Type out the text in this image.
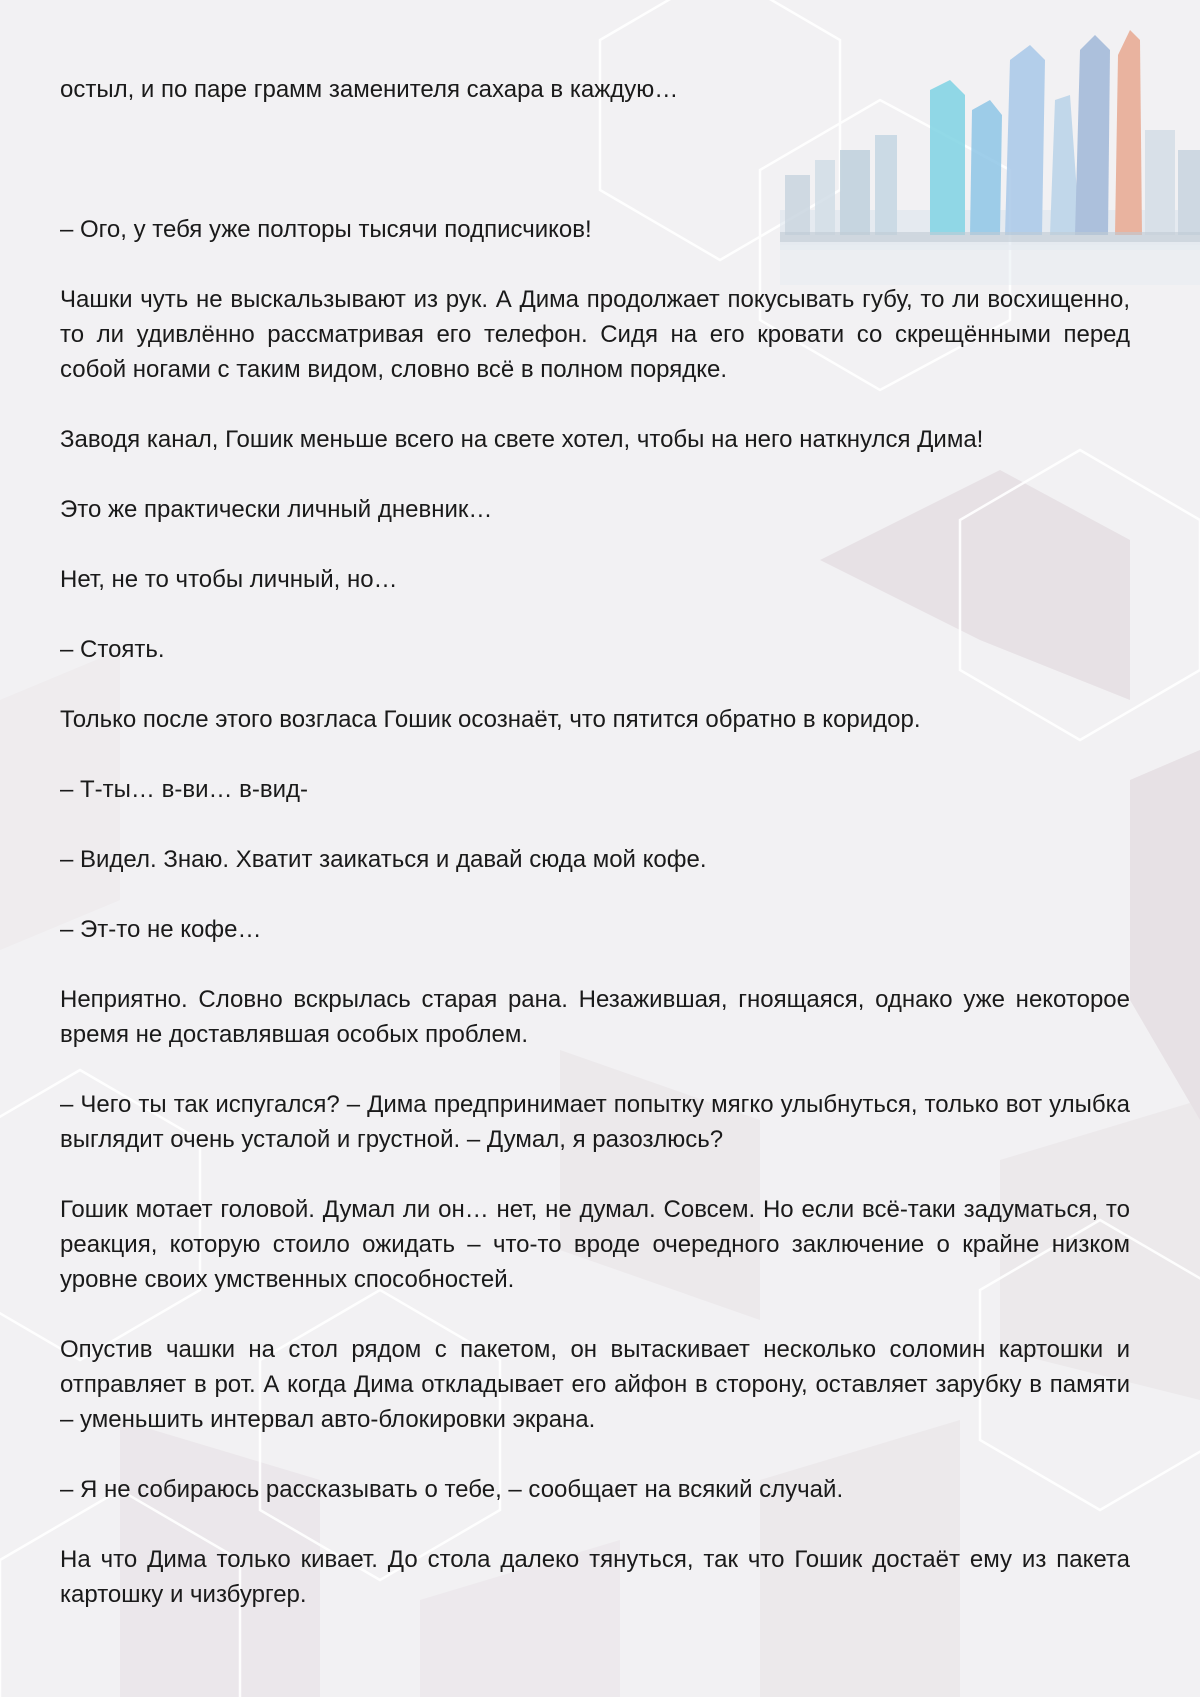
остыл, и по паре грамм заменителя сахара в каждую…

– Ого, у тебя уже полторы тысячи подписчиков!

Чашки чуть не выскальзывают из рук. А Дима продолжает покусывать губу, то ли восхищенно, то ли удивлённо рассматривая его телефон. Сидя на его кровати со скрещёнными перед собой ногами с таким видом, словно всё в полном порядке.

Заводя канал, Гошик меньше всего на свете хотел, чтобы на него наткнулся Дима!

Это же практически личный дневник…

Нет, не то чтобы личный, но…

– Стоять.

Только после этого возгласа Гошик осознаёт, что пятится обратно в коридор.

– Т-ты… в-ви… в-вид-

– Видел. Знаю. Хватит заикаться и давай сюда мой кофе.

– Эт-то не кофе…

Неприятно. Словно вскрылась старая рана. Незажившая, гноящаяся, однако уже некоторое время не доставлявшая особых проблем.

– Чего ты так испугался? – Дима предпринимает попытку мягко улыбнуться, только вот улыбка выглядит очень усталой и грустной. – Думал, я разозлюсь?

Гошик мотает головой. Думал ли он… нет, не думал. Совсем. Но если всё-таки задуматься, то реакция, которую стоило ожидать – что-то вроде очередного заключение о крайне низком уровне своих умственных способностей.

Опустив чашки на стол рядом с пакетом, он вытаскивает несколько соломин картошки и отправляет в рот. А когда Дима откладывает его айфон в сторону, оставляет зарубку в памяти – уменьшить интервал авто-блокировки экрана.

– Я не собираюсь рассказывать о тебе, – сообщает на всякий случай.

На что Дима только кивает. До стола далеко тянуться, так что Гошик достаёт ему из пакета картошку и чизбургер.
